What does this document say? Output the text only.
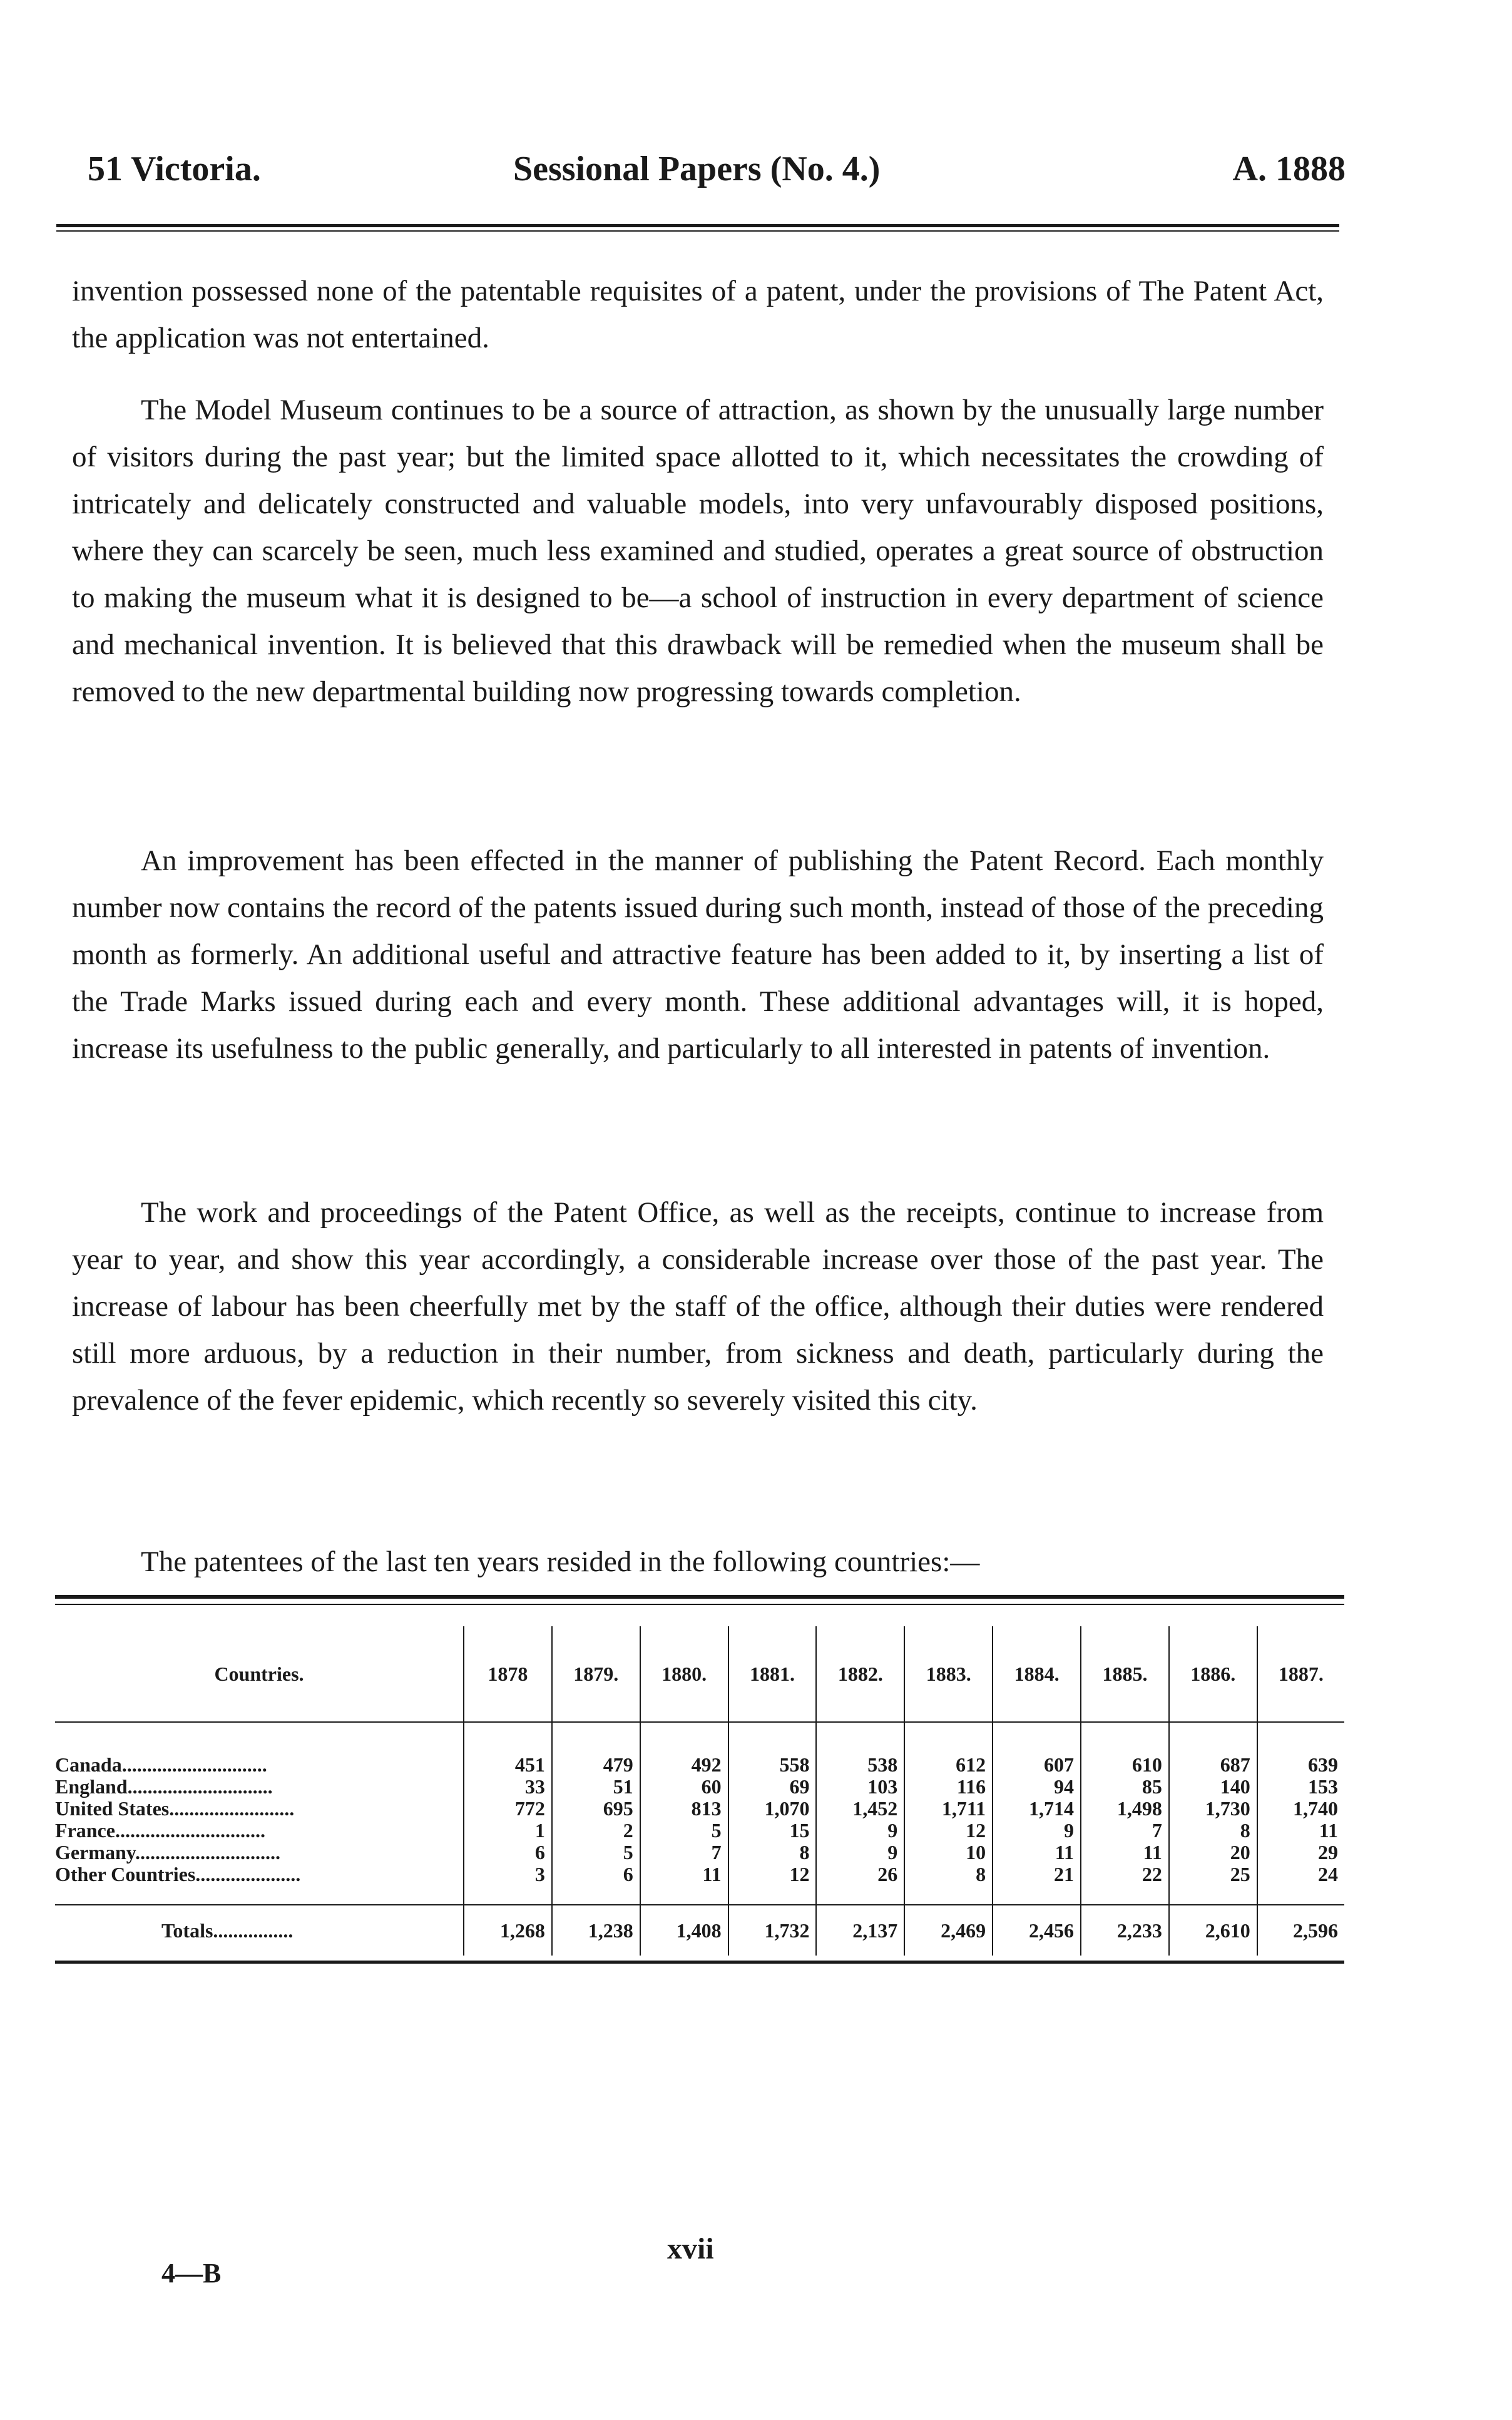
51 Victoria.	Sessional Papers (No. 4.)	A. 1888
invention possessed none of the patentable requisites of a patent, under the provisions of The Patent Act, the application was not entertained.
The Model Museum continues to be a source of attraction, as shown by the unusually large number of visitors during the past year; but the limited space allotted to it, which necessitates the crowding of intricately and delicately constructed and valuable models, into very unfavourably disposed positions, where they can scarcely be seen, much less examined and studied, operates a great source of obstruction to making the museum what it is designed to be—a school of instruction in every department of science and mechanical invention. It is believed that this drawback will be remedied when the museum shall be removed to the new departmental building now progressing towards completion.
An improvement has been effected in the manner of publishing the Patent Record. Each monthly number now contains the record of the patents issued during such month, instead of those of the preceding month as formerly. An additional useful and attractive feature has been added to it, by inserting a list of the Trade Marks issued during each and every month. These additional advantages will, it is hoped, increase its usefulness to the public generally, and particularly to all interested in patents of invention.
The work and proceedings of the Patent Office, as well as the receipts, continue to increase from year to year, and show this year accordingly, a considerable increase over those of the past year. The increase of labour has been cheerfully met by the staff of the office, although their duties were rendered still more arduous, by a reduction in their number, from sickness and death, particularly during the prevalence of the fever epidemic, which recently so severely visited this city.
The patentees of the last ten years resided in the following countries:—
Countries.	1878	1879.	1880.	1881.	1882.	1883.	1884.	1885.	1886.	1887.
Canada.............................	451	479	492	558	538	612	607	610	687	639
England.............................	33	51	60	69	103	116	94	85	140	153
United States.........................	772	695	813	1,070	1,452	1,711	1,714	1,498	1,730	1,740
France..............................	1	2	5	15	9	12	9	7	8	11
Germany.............................	6	5	7	8	9	10	11	11	20	29
Other Countries.....................	3	6	11	12	26	8	21	22	25	24
Totals................	1,268	1,238	1,408	1,732	2,137	2,469	2,456	2,233	2,610	2,596
4—B
xvii
